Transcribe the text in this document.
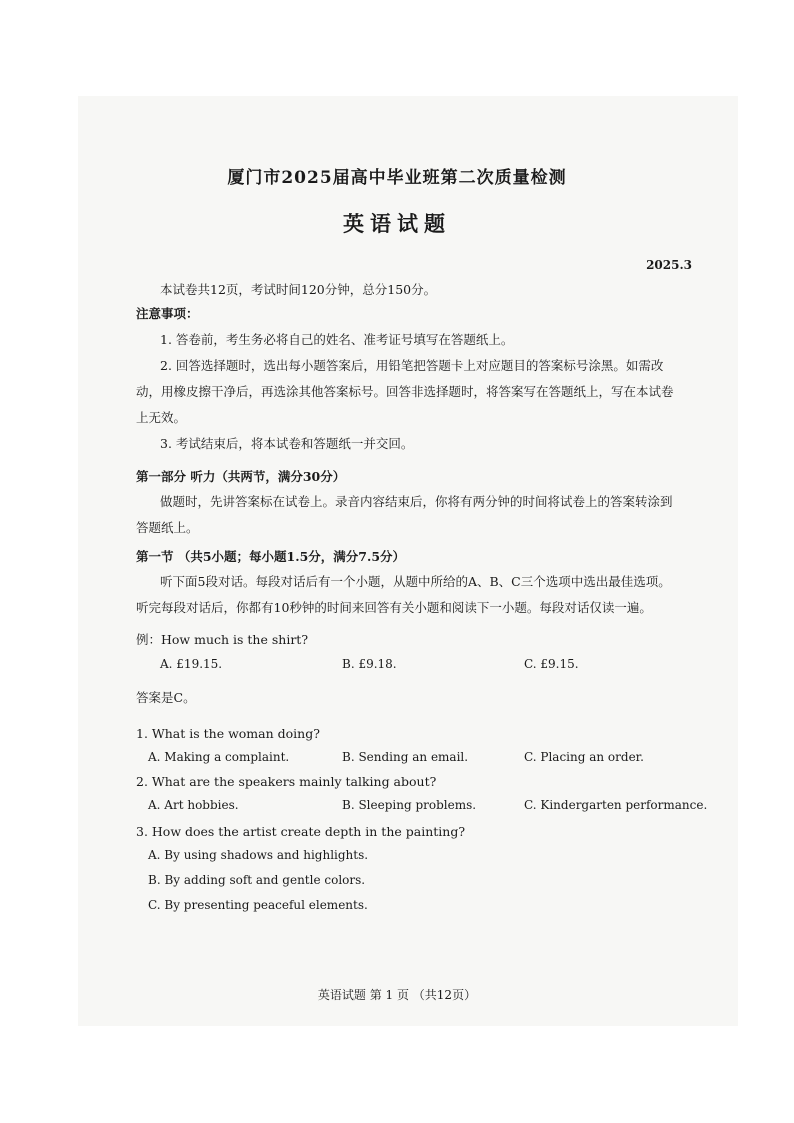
厦门市2025届高中毕业班第二次质量检测
英语试题
2025.3
本试卷共12页，考试时间120分钟，总分150分。
注意事项：
1. 答卷前，考生务必将自己的姓名、准考证号填写在答题纸上。
2. 回答选择题时，选出每小题答案后，用铅笔把答题卡上对应题目的答案标号涂黑。如需改
动，用橡皮擦干净后，再选涂其他答案标号。回答非选择题时，将答案写在答题纸上，写在本试卷
上无效。
3. 考试结束后，将本试卷和答题纸一并交回。
第一部分 听力（共两节，满分30分）
做题时，先讲答案标在试卷上。录音内容结束后，你将有两分钟的时间将试卷上的答案转涂到
答题纸上。
第一节 （共5小题；每小题1.5分，满分7.5分）
听下面5段对话。每段对话后有一个小题，从题中所给的A、B、C三个选项中选出最佳选项。
听完每段对话后，你都有10秒钟的时间来回答有关小题和阅读下一小题。每段对话仅读一遍。
例：How much is the shirt?
A. £19.15.	B. £9.18.	C. £9.15.
答案是C。
1. What is the woman doing?
A. Making a complaint.	B. Sending an email.	C. Placing an order.
2. What are the speakers mainly talking about?
A. Art hobbies.	B. Sleeping problems.	C. Kindergarten performance.
3. How does the artist create depth in the painting?
A. By using shadows and highlights.
B. By adding soft and gentle colors.
C. By presenting peaceful elements.
英语试题 第 1 页 （共12页）
